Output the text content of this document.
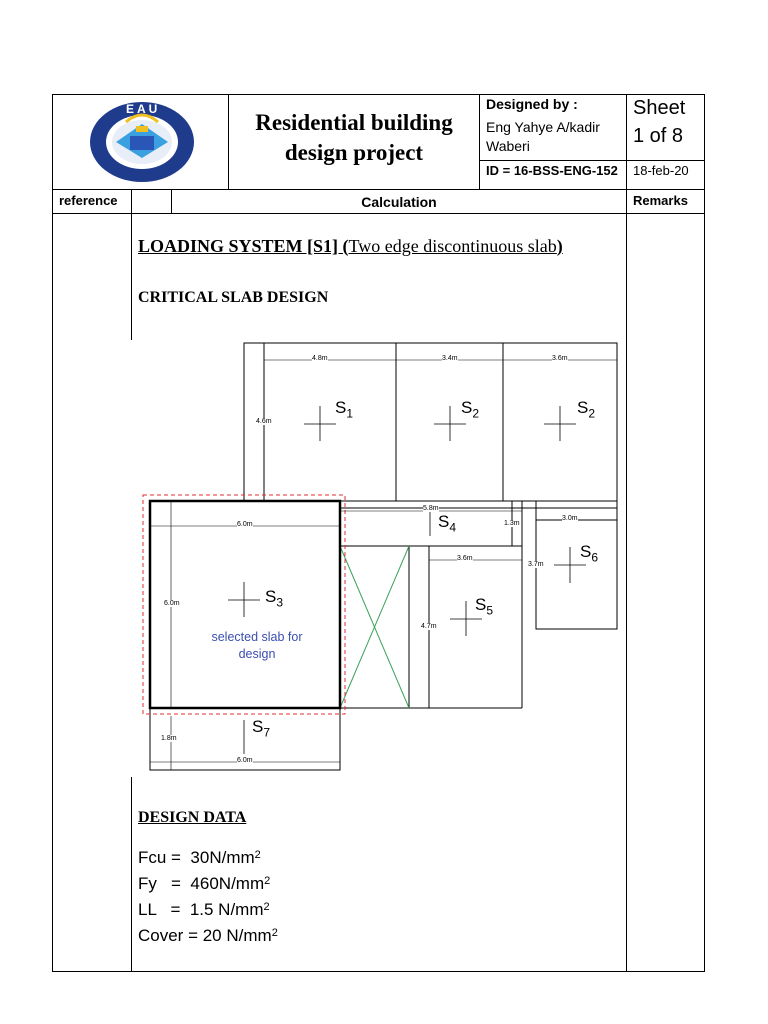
EAU
Residential building
design project
Designed by :
Eng Yahye A/kadir
Waberi
ID = 16-BSS-ENG-152
Sheet
1 of 8
18-feb-20
reference	Calculation	Remarks
LOADING SYSTEM [S1] (Two edge discontinuous slab)
CRITICAL SLAB DESIGN
4.8m	3.4m	3.6m
4.6m
6.0m
6.0m
5.8m
1.3m
3.0m
3.7m
3.6m
4.7m
1.8m
6.0m
$S_1$	$S_2$	$S_2$
$S_3$
$S_4$
$S_5$
$S_6$
$S_7$
selected slab for
design
DESIGN DATA
Fcu =  $30N/mm^2$
$Fy = 460N/mm^2$
LL   =  1.5 $N/mm^2$
Cover = 20 $N/mm^2$
